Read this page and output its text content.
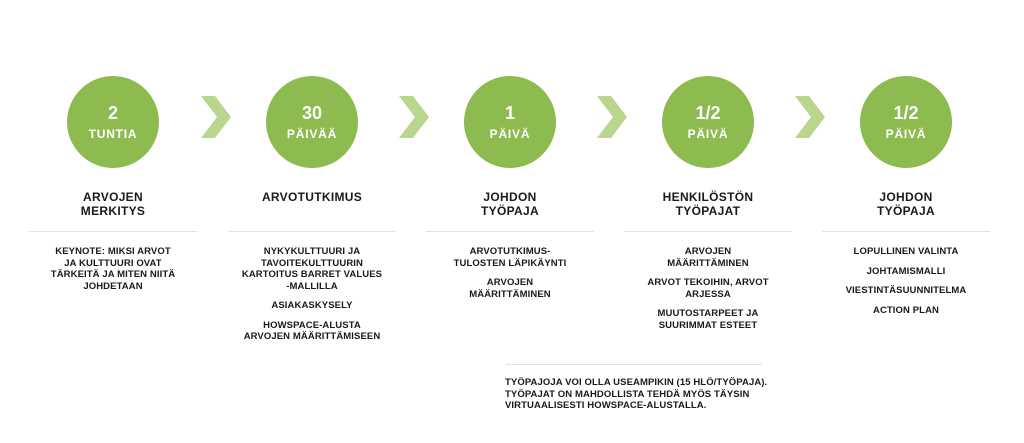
2
TUNTIA
30
PÄIVÄÄ
1
PÄIVÄ
1/2
PÄIVÄ
1/2
PÄIVÄ
ARVOJEN
MERKITYS
ARVOTUTKIMUS	JOHDON
TYÖPAJA
HENKILÖSTÖN
TYÖPAJAT
JOHDON
TYÖPAJA
KEYNOTE: MIKSI ARVOT
JA KULTTUURI OVAT
TÄRKEITÄ JA MITEN NIITÄ
JOHDETAAN
NYKYKULTTUURI JA
TAVOITEKULTTUURIN
KARTOITUS BARRET VALUES
-MALLILLA
ASIAKASKYSELY
HOWSPACE-ALUSTA
ARVOJEN MÄÄRITTÄMISEEN
ARVOTUTKIMUS-
TULOSTEN LÄPIKÄYNTI
ARVOJEN
MÄÄRITTÄMINEN
ARVOJEN
MÄÄRITTÄMINEN
ARVOT TEKOIHIN, ARVOT
ARJESSA
MUUTOSTARPEET JA
SUURIMMAT ESTEET
LOPULLINEN VALINTA
JOHTAMISMALLI
VIESTINTÄSUUNNITELMA
ACTION PLAN
TYÖPAJOJA VOI OLLA USEAMPIKIN (15 HLÖ/TYÖPAJA).
TYÖPAJAT ON MAHDOLLISTA TEHDÄ MYÖS TÄYSIN
VIRTUAALISESTI HOWSPACE-ALUSTALLA.
